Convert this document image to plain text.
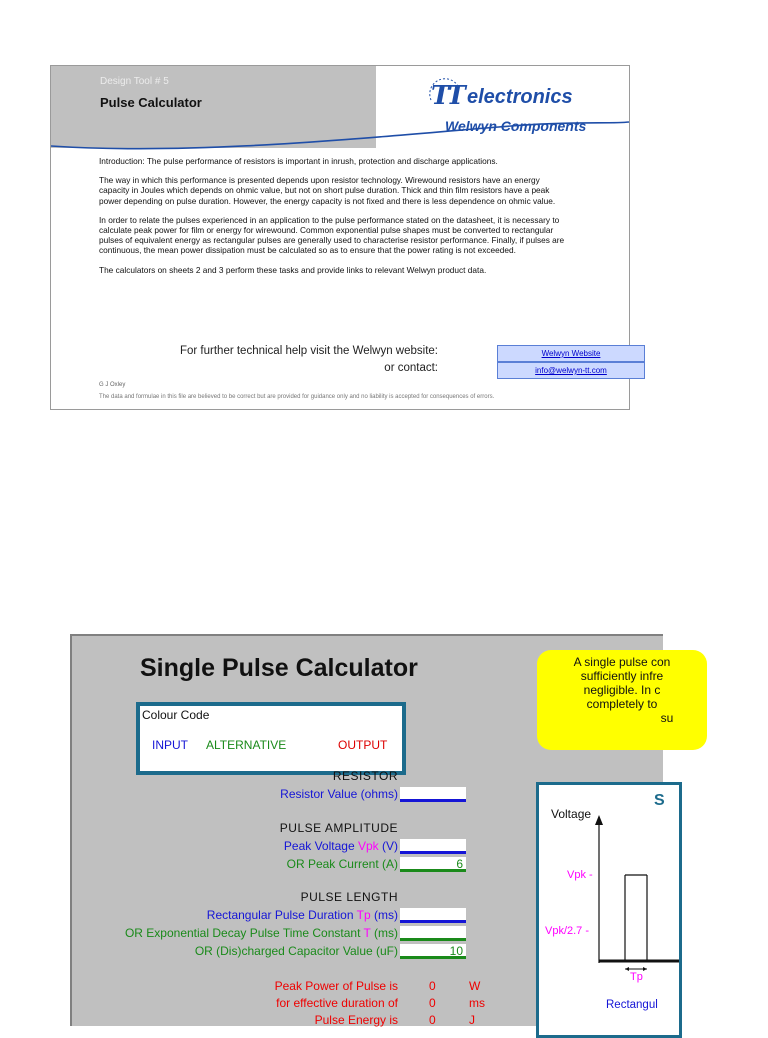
Design Tool # 5
Pulse Calculator	TT electronics
Welwyn Components

Introduction: The pulse performance of resistors is important in inrush, protection and discharge applications.

The way in which this performance is presented depends upon resistor technology. Wirewound resistors have an energy capacity in Joules which depends on ohmic value, but not on short pulse duration. Thick and thin film resistors have a peak power depending on pulse duration. However, the energy capacity is not fixed and there is less dependence on ohmic value.

In order to relate the pulses experienced in an application to the pulse performance stated on the datasheet, it is necessary to calculate peak power for film or energy for wirewound. Common exponential pulse shapes must be converted to rectangular pulses of equivalent energy as rectangular pulses are generally used to characterise resistor performance. Finally, if pulses are continuous, the mean power dissipation must be calculated so as to ensure that the power rating is not exceeded.

The calculators on sheets 2 and 3 perform these tasks and provide links to relevant Welwyn product data.

For further technical help visit the Welwyn website:	Welwyn Website
or contact:	info@welwyn-tt.com
G J Oxley
The data and formulae in this file are believed to be correct but are provided for guidance only and no liability is accepted for consequences of errors.
Single Pulse Calculator	A single pulse con
sufficiently infre
negligible. In c
completely to
su
Colour Code
INPUT ALTERNATIVE	OUTPUT
RESISTOR
Resistor Value (ohms)
PULSE AMPLITUDE
Peak Voltage Vpk (V)
OR Peak Current (A)	6
PULSE LENGTH
Rectangular Pulse Duration Tp (ms)
OR Exponential Decay Pulse Time Constant T (ms)
OR (Dis)charged Capacitor Value (uF)	10
Peak Power of Pulse is	0	W
for effective duration of	0	ms
Pulse Energy is	0	J
S
Voltage
Vpk -
Vpk/2.7 -
Tp
Rectangul
